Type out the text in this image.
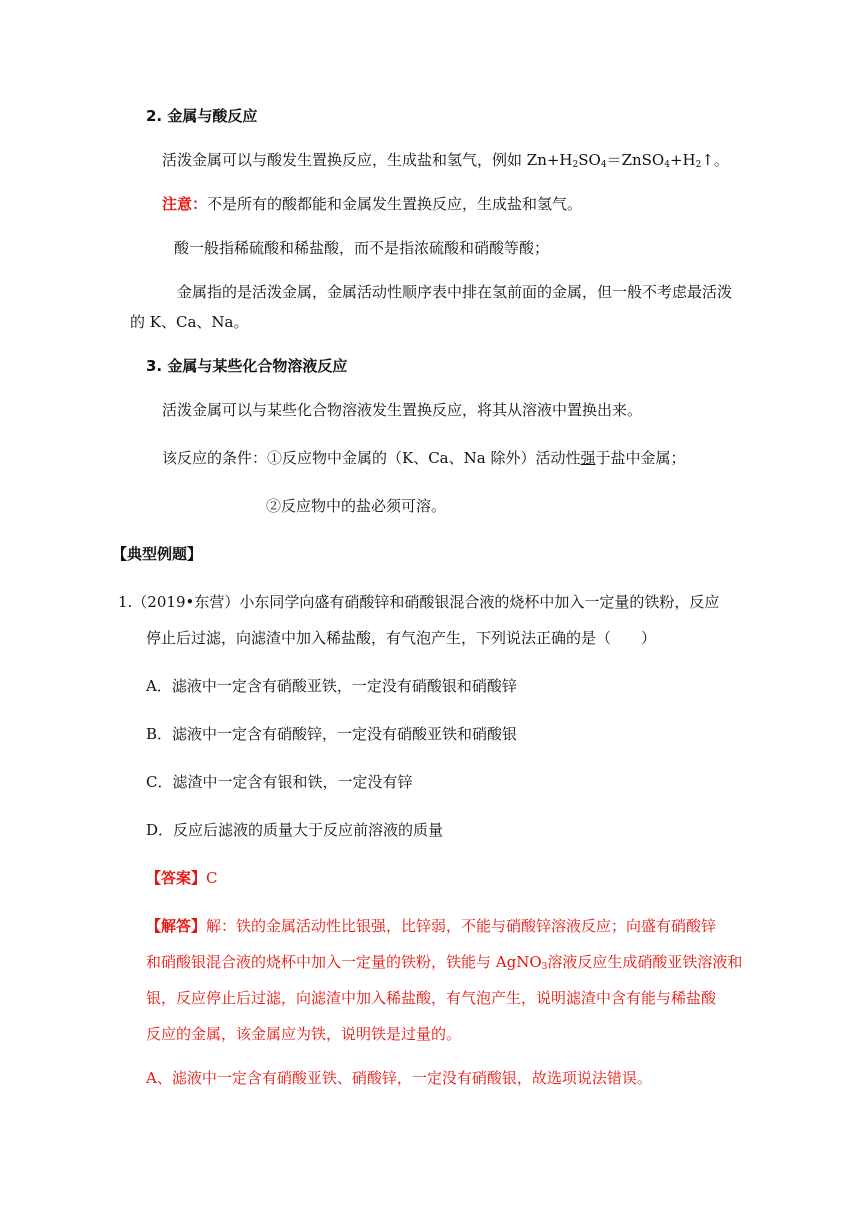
2. 金属与酸反应
活泼金属可以与酸发生置换反应，生成盐和氢气，例如 $Zn+H_2SO_4=ZnSO_4+H_2↑$。
注意：不是所有的酸都能和金属发生置换反应，生成盐和氢气。
酸一般指稀硫酸和稀盐酸，而不是指浓硫酸和硝酸等酸；
金属指的是活泼金属，金属活动性顺序表中排在氢前面的金属，但一般不考虑最活泼
的 K、Ca、Na。
3. 金属与某些化合物溶液反应
活泼金属可以与某些化合物溶液发生置换反应，将其从溶液中置换出来。
该反应的条件：①反应物中金属的（K、Ca、Na 除外）活动性强于盐中金属；
②反应物中的盐必须可溶。
【典型例题】
1.（2019•东营）小东同学向盛有硝酸锌和硝酸银混合液的烧杯中加入一定量的铁粉，反应
停止后过滤，向滤渣中加入稀盐酸，有气泡产生，下列说法正确的是（　　）
A．滤液中一定含有硝酸亚铁，一定没有硝酸银和硝酸锌
B．滤液中一定含有硝酸锌，一定没有硝酸亚铁和硝酸银
C．滤渣中一定含有银和铁，一定没有锌
D．反应后滤液的质量大于反应前溶液的质量
【答案】C
【解答】解：铁的金属活动性比银强，比锌弱，不能与硝酸锌溶液反应；向盛有硝酸锌
和硝酸银混合液的烧杯中加入一定量的铁粉，铁能与 AgNO$_3$溶液反应生成硝酸亚铁溶液和
银，反应停止后过滤，向滤渣中加入稀盐酸，有气泡产生，说明滤渣中含有能与稀盐酸
反应的金属，该金属应为铁，说明铁是过量的。
A、滤液中一定含有硝酸亚铁、硝酸锌，一定没有硝酸银，故选项说法错误。
